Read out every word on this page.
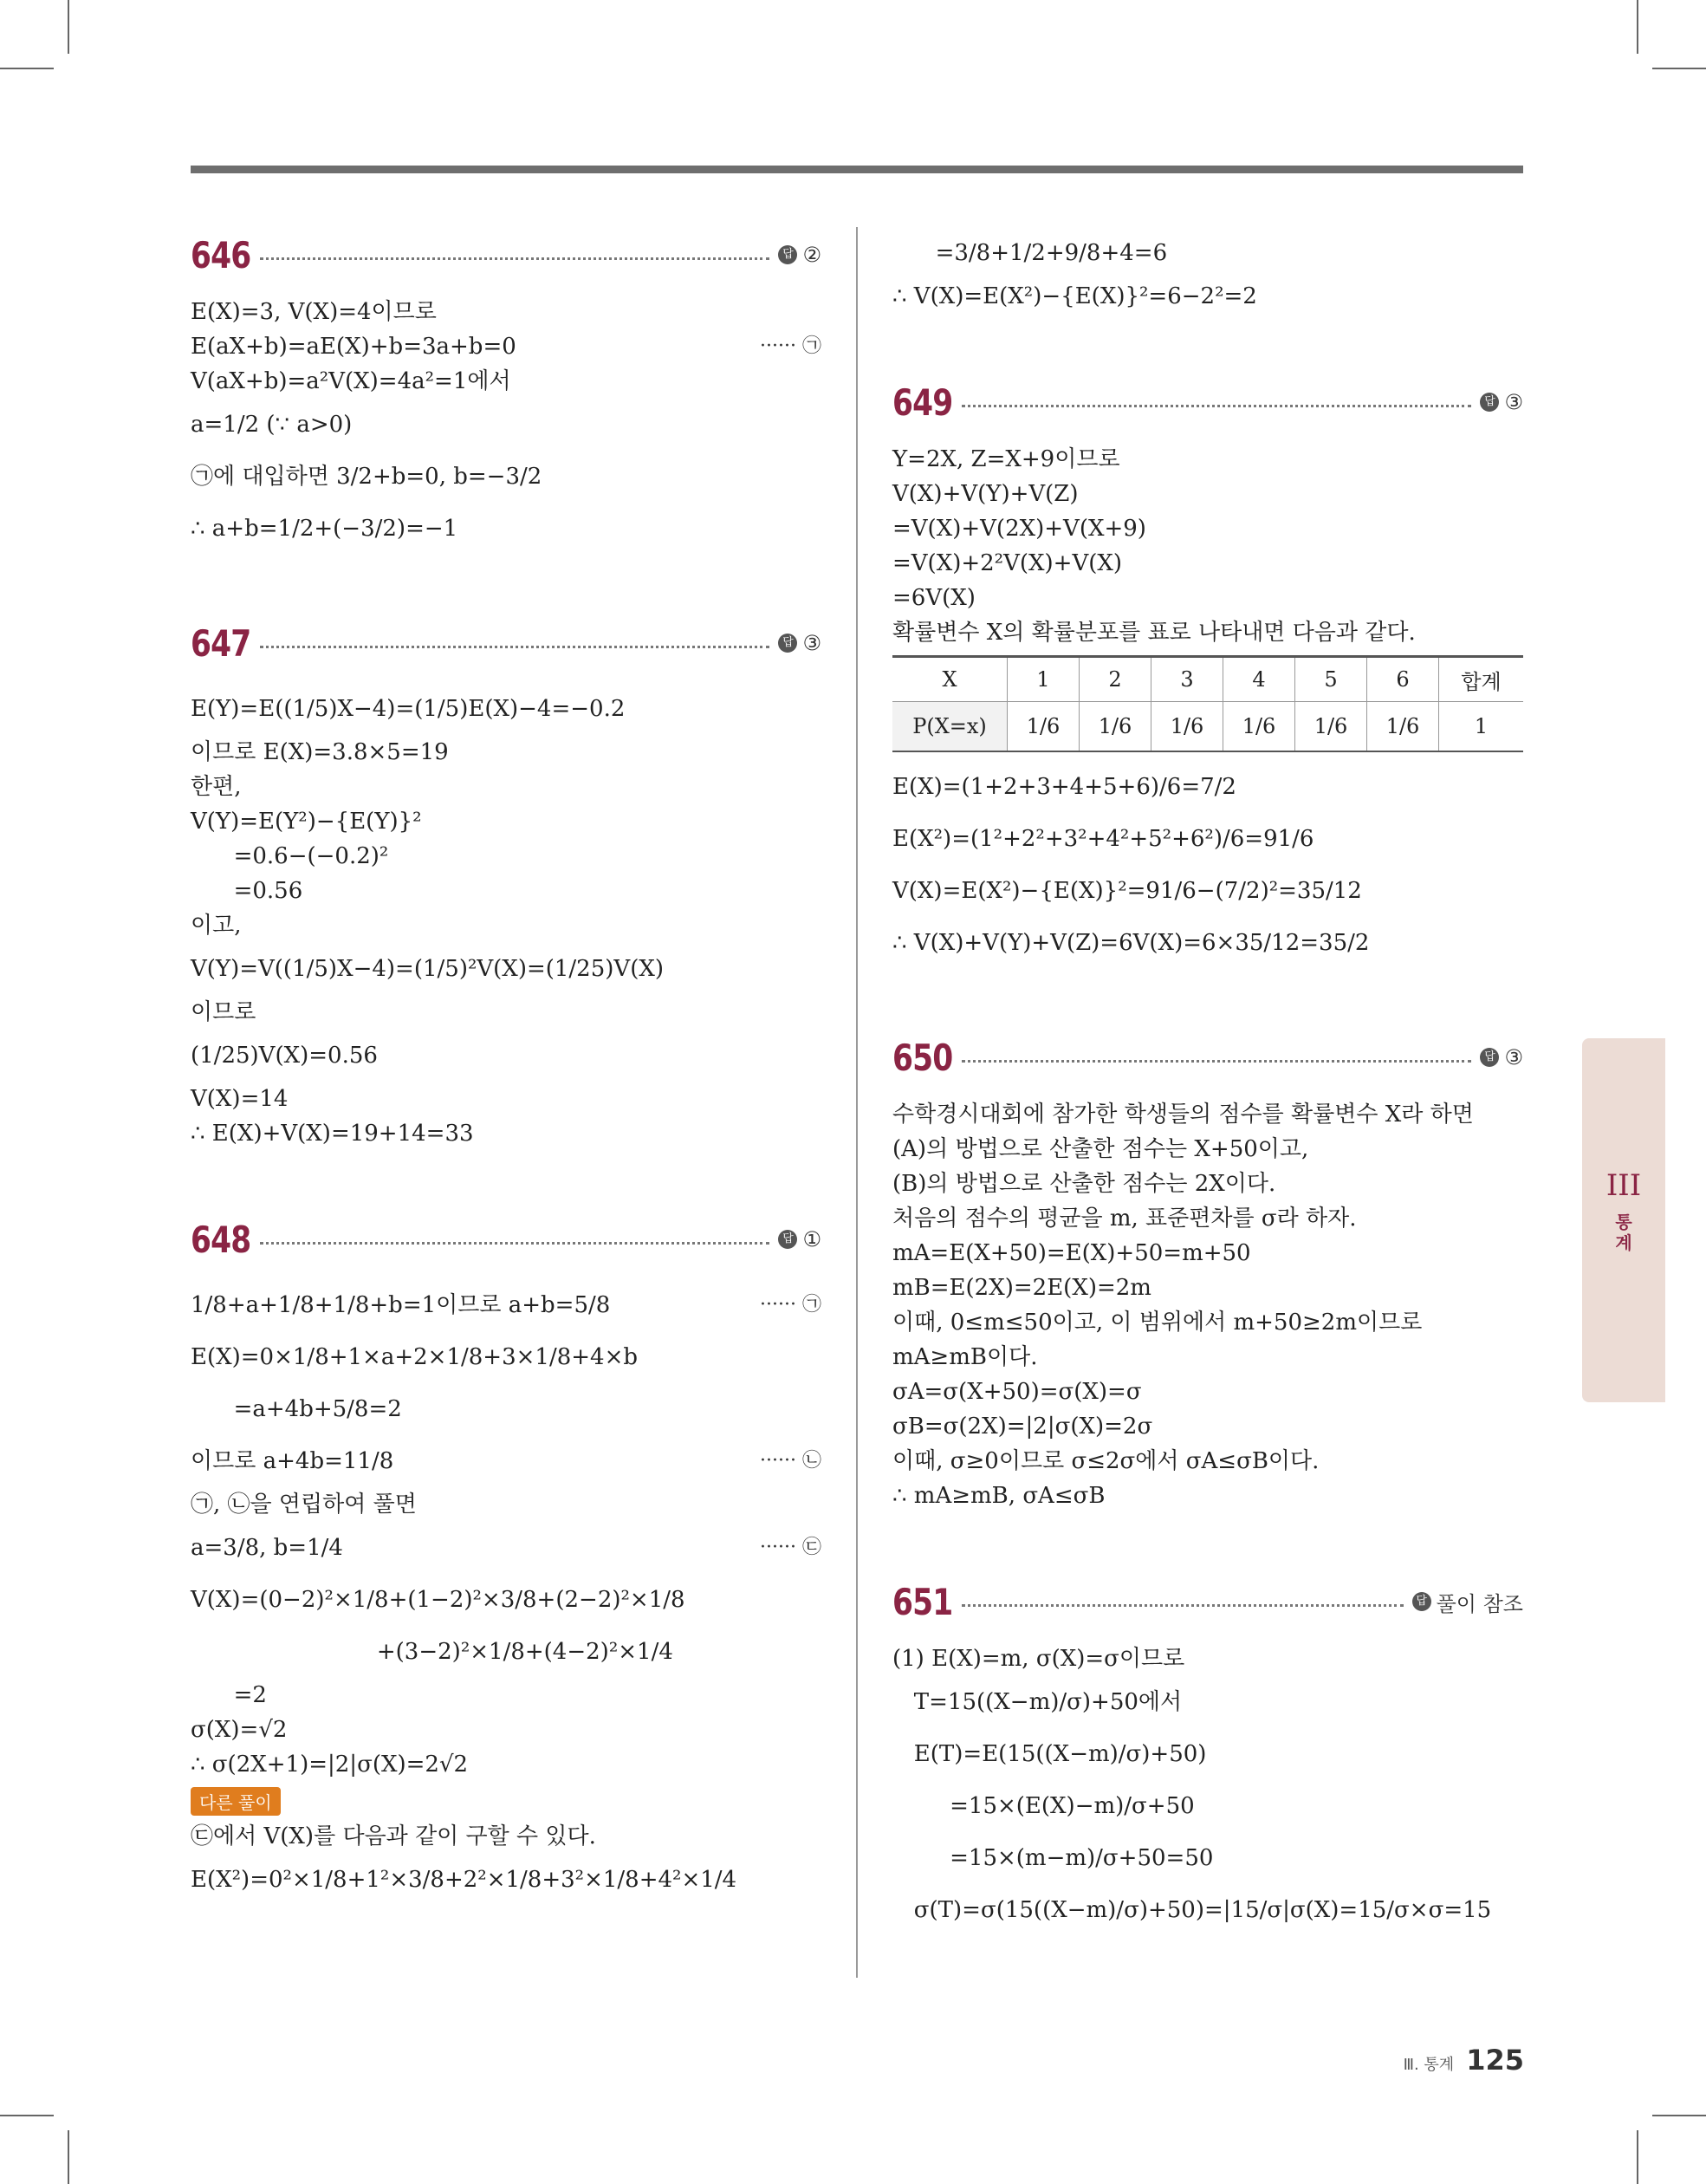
646	답 ②
E(X)=3, V(X)=4이므로
E(aX+b)=aE(X)+b=3a+b=0	······ ㉠
V(aX+b)=a²V(X)=4a²=1에서
a=1/2 (∵ a>0)
㉠에 대입하면 3/2+b=0, b=−3/2
∴ a+b=1/2+(−3/2)=−1
647	답 ③
E(Y)=E((1/5)X−4)=(1/5)E(X)−4=−0.2
이므로 E(X)=3.8×5=19
한편,
V(Y)=E(Y²)−{E(Y)}²
=0.6−(−0.2)²
=0.56
이고,
V(Y)=V((1/5)X−4)=(1/5)²V(X)=(1/25)V(X)
이므로
(1/25)V(X)=0.56
V(X)=14
∴ E(X)+V(X)=19+14=33
648	답 ①
1/8+a+1/8+1/8+b=1이므로 a+b=5/8	······ ㉠
E(X)=0×1/8+1×a+2×1/8+3×1/8+4×b
=a+4b+5/8=2
이므로 a+4b=11/8	······ ㉡
㉠, ㉡을 연립하여 풀면
a=3/8, b=1/4	······ ㉢
V(X)=(0−2)²×1/8+(1−2)²×3/8+(2−2)²×1/8
+(3−2)²×1/8+(4−2)²×1/4
=2
σ(X)=√2
∴ σ(2X+1)=|2|σ(X)=2√2
다른 풀이
㉢에서 V(X)를 다음과 같이 구할 수 있다.
E(X²)=0²×1/8+1²×3/8+2²×1/8+3²×1/8+4²×1/4
=3/8+1/2+9/8+4=6
∴ V(X)=E(X²)−{E(X)}²=6−2²=2
649	답 ③
Y=2X, Z=X+9이므로
V(X)+V(Y)+V(Z)
=V(X)+V(2X)+V(X+9)
=V(X)+2²V(X)+V(X)
=6V(X)
확률변수 X의 확률분포를 표로 나타내면 다음과 같다.
X	1	2	3	4	5	6	합계
P(X=x)	1/6	1/6	1/6	1/6	1/6	1/6	1
E(X)=(1+2+3+4+5+6)/6=7/2
E(X²)=(1²+2²+3²+4²+5²+6²)/6=91/6
V(X)=E(X²)−{E(X)}²=91/6−(7/2)²=35/12
∴ V(X)+V(Y)+V(Z)=6V(X)=6×35/12=35/2
650	답 ③
수학경시대회에 참가한 학생들의 점수를 확률변수 X라 하면
(A)의 방법으로 산출한 점수는 X+50이고,
(B)의 방법으로 산출한 점수는 2X이다.
처음의 점수의 평균을 m, 표준편차를 σ라 하자.
mA=E(X+50)=E(X)+50=m+50
mB=E(2X)=2E(X)=2m
이때, 0≤m≤50이고, 이 범위에서 m+50≥2m이므로
mA≥mB이다.
σA=σ(X+50)=σ(X)=σ
σB=σ(2X)=|2|σ(X)=2σ
이때, σ≥0이므로 σ≤2σ에서 σA≤σB이다.
∴ mA≥mB, σA≤σB
651	답 풀이 참조
(1) E(X)=m, σ(X)=σ이므로
T=15((X−m)/σ)+50에서
E(T)=E(15((X−m)/σ)+50)
=15×(E(X)−m)/σ+50
=15×(m−m)/σ+50=50
σ(T)=σ(15((X−m)/σ)+50)=|15/σ|σ(X)=15/σ×σ=15
III
통
계
Ⅲ. 통계 125
